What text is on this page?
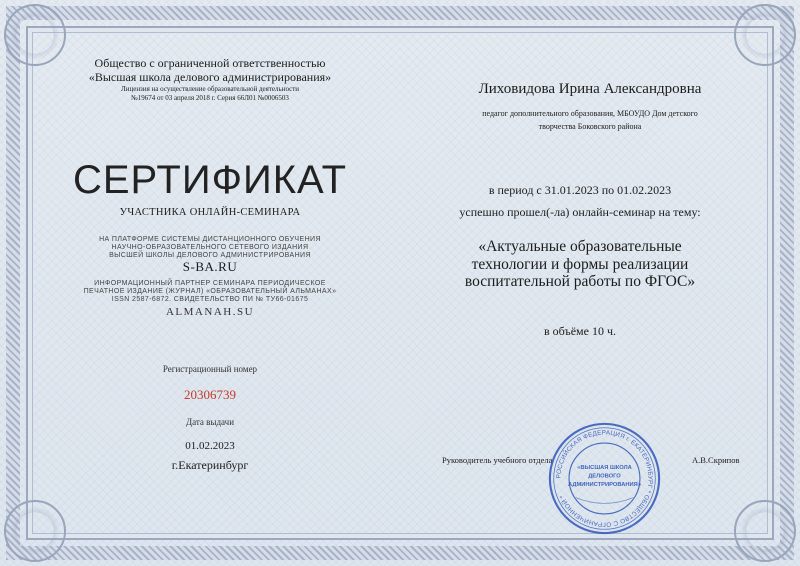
Общество с ограниченной ответственностью
«Высшая школа делового администрирования»
Лицензия на осуществление образовательной деятельности
№19674 от 03 апреля 2018 г. Серия 66Л01 №0006503
СЕРТИФИКАТ
УЧАСТНИКА ОНЛАЙН-СЕМИНАРА
НА ПЛАТФОРМЕ СИСТЕМЫ ДИСТАНЦИОННОГО ОБУЧЕНИЯ
НАУЧНО-ОБРАЗОВАТЕЛЬНОГО СЕТЕВОГО ИЗДАНИЯ
ВЫСШЕЙ ШКОЛЫ ДЕЛОВОГО АДМИНИСТРИРОВАНИЯ
S-BA.RU
ИНФОРМАЦИОННЫЙ ПАРТНЕР СЕМИНАРА ПЕРИОДИЧЕСКОЕ
ПЕЧАТНОЕ ИЗДАНИЕ (ЖУРНАЛ) «ОБРАЗОВАТЕЛЬНЫЙ АЛЬМАНАХ»
ISSN 2587-6872. СВИДЕТЕЛЬСТВО ПИ № ТУ66-01675
ALMANAH.SU
Регистрационный номер
20306739
Дата выдачи
01.02.2023
г.Екатеринбург
Лиховидова Ирина Александровна
педагог дополнительного образования, МБОУДО Дом детского
творчества Боковского района
в период с 31.01.2023 по 01.02.2023
успешно прошел(-ла) онлайн-семинар на тему:
«Актуальные образовательные
технологии и формы реализации
воспитательной работы по ФГОС»
в объёме 10 ч.
Руководитель учебного отдела	А.В.Скрипов
РОССИЙСКАЯ ФЕДЕРАЦИЯ г. ЕКАТЕРИНБУРГ * ОБЩЕСТВО С ОГРАНИЧЕННОЙ *
«ВЫСШАЯ ШКОЛА
ДЕЛОВОГО
АДМИНИСТРИРОВАНИЯ»
